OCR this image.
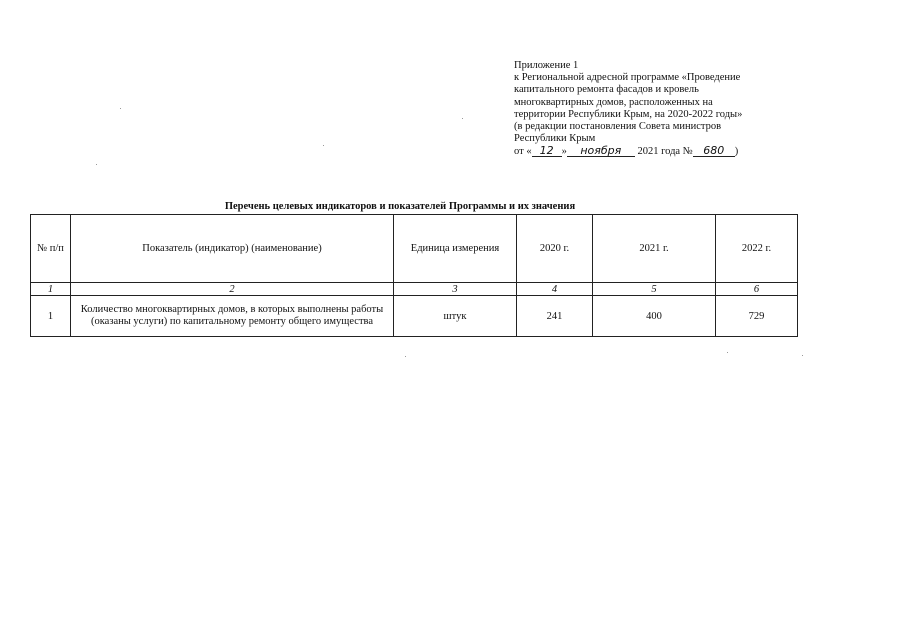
Приложение 1
к Региональной адресной программе «Проведение
капитального ремонта фасадов и кровель
многоквартирных домов, расположенных на
территории Республики Крым, на 2020-2022 годы»
(в редакции постановления Совета министров
Республики Крым
от « 12 » ноября 2021 года № 680 )
Перечень целевых индикаторов и показателей Программы и их значения
№ п/п	Показатель (индикатор) (наименование)	Единица измерения	2020 г.	2021 г.	2022 г.
1	2	3	4	5	6
1	Количество многоквартирных домов, в которых выполнены работы (оказаны услуги) по капитальному ремонту общего имущества	штук	241	400	729
